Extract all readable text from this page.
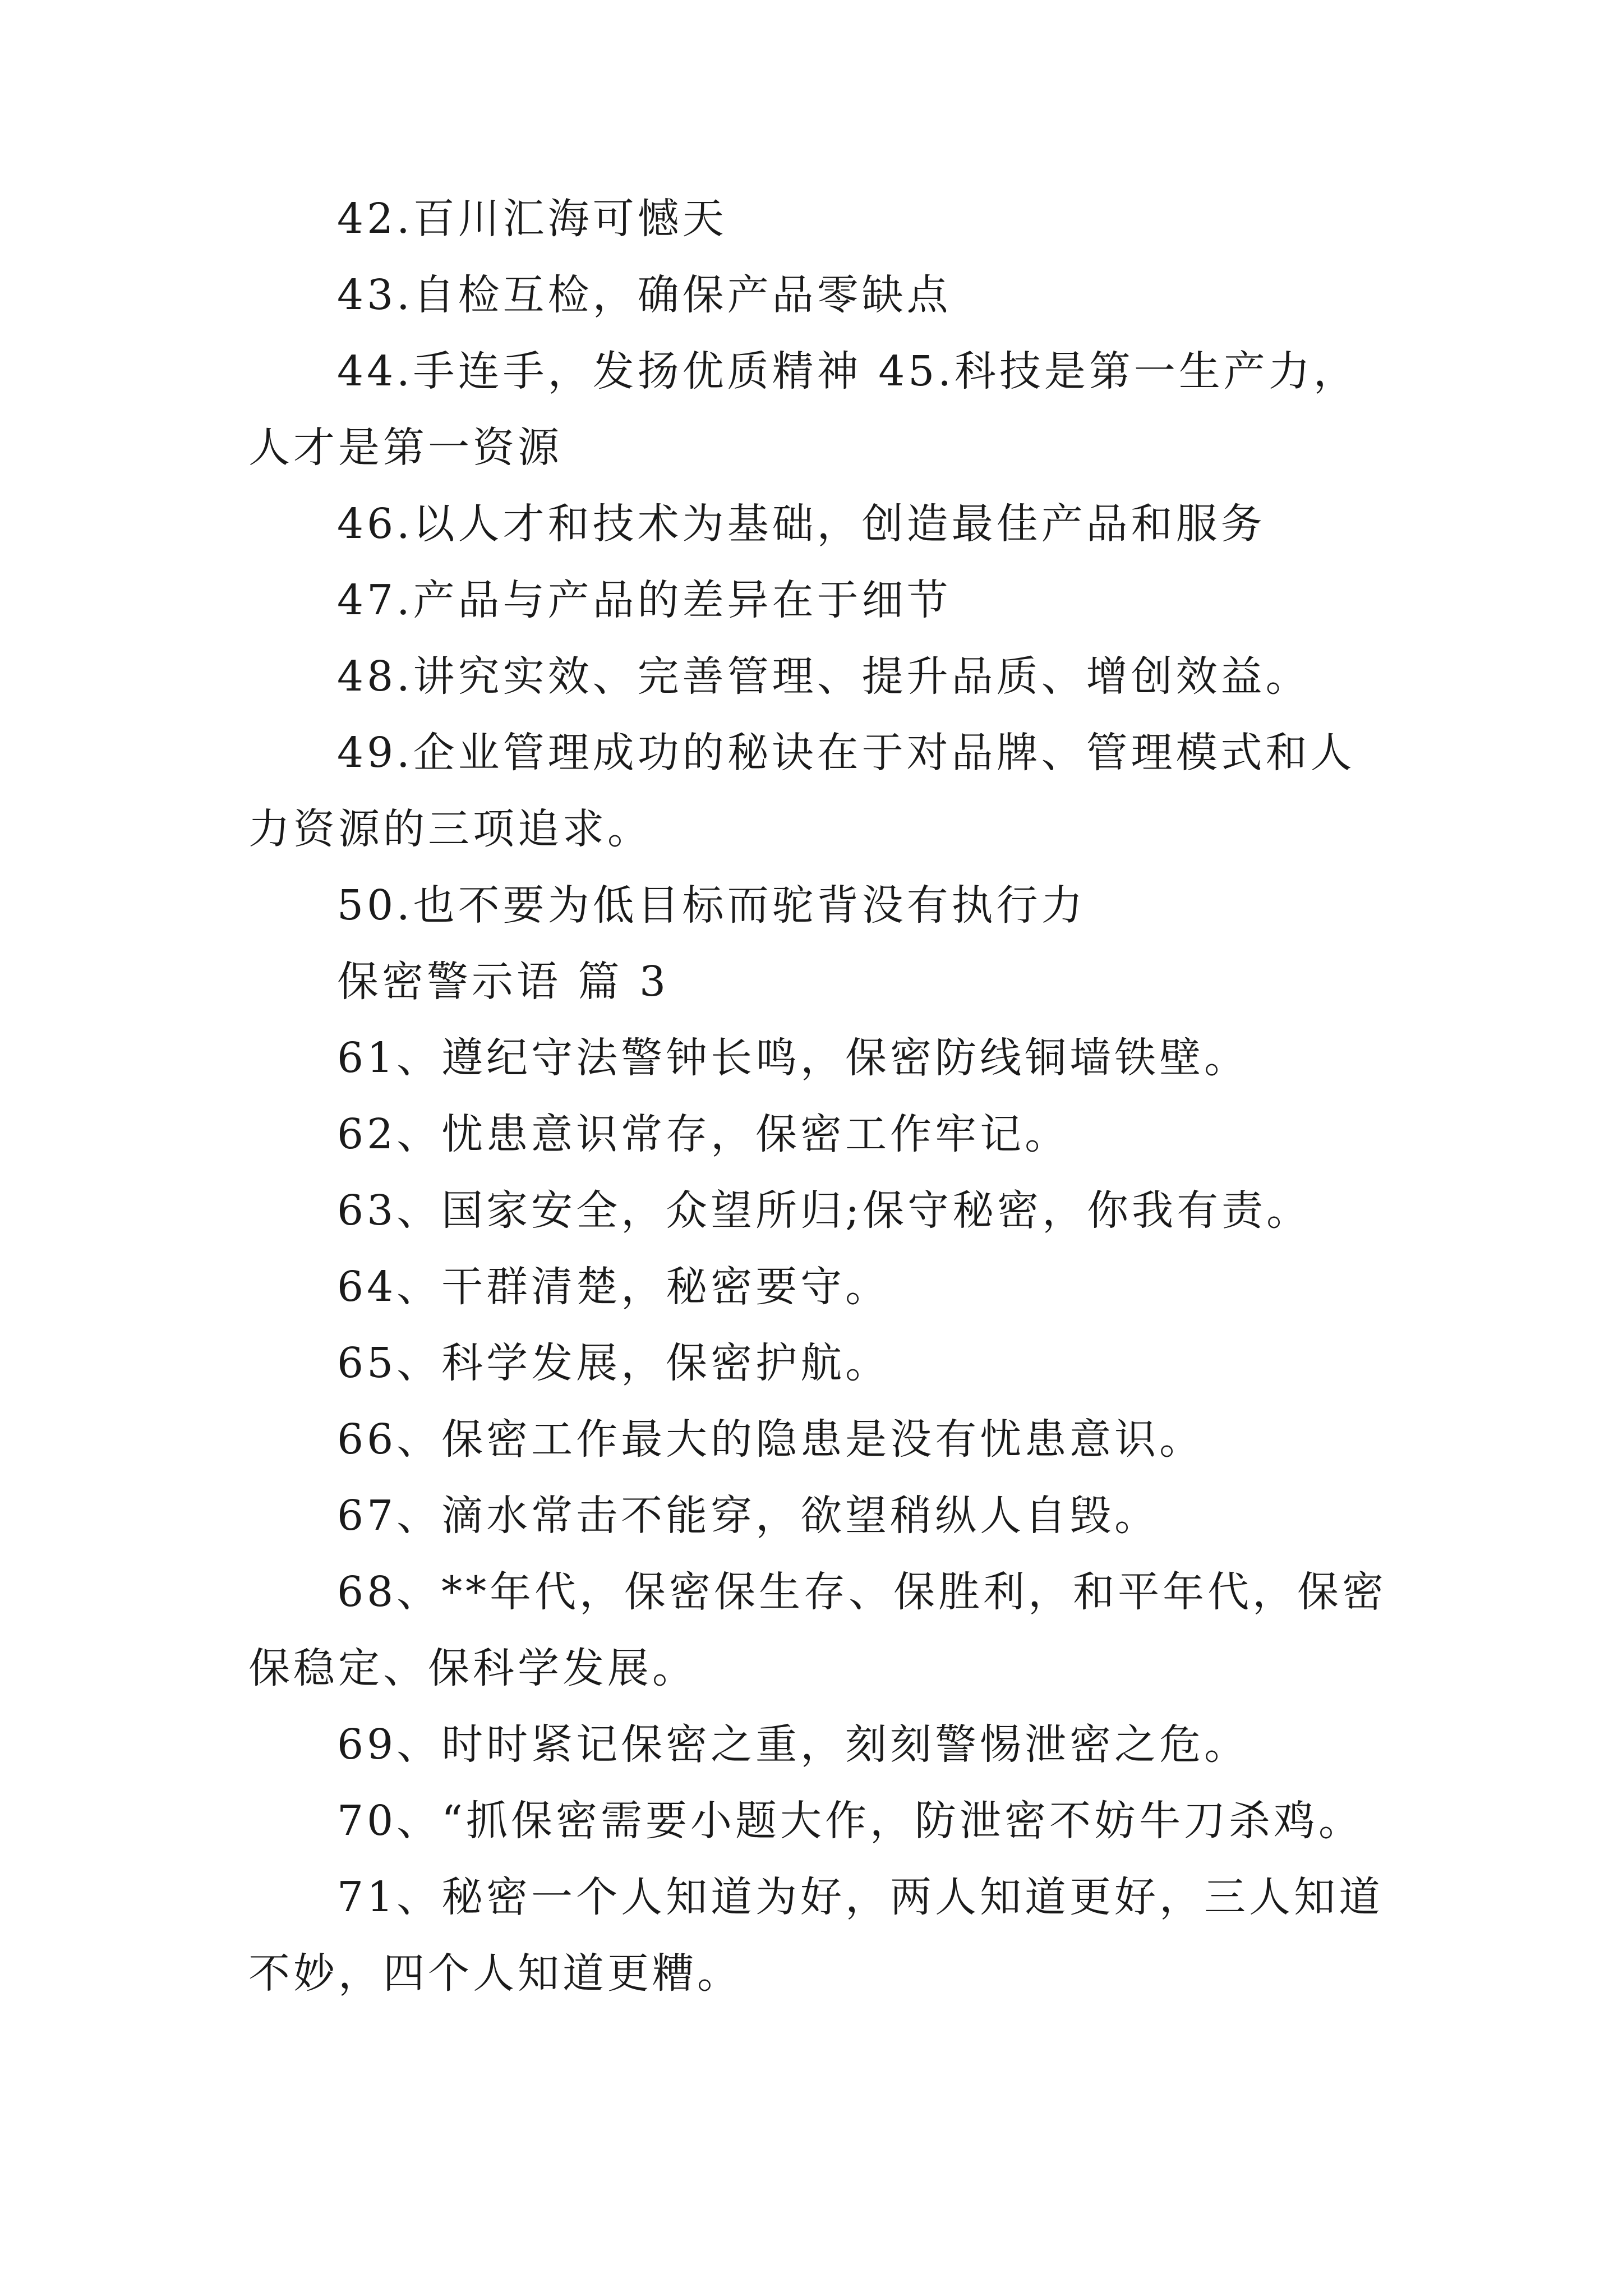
42.百川汇海可憾天

43.自检互检，确保产品零缺点

44.手连手，发扬优质精神 45.科技是第一生产力，人才是第一资源

46.以人才和技术为基础，创造最佳产品和服务

47.产品与产品的差异在于细节

48.讲究实效、完善管理、提升品质、增创效益。

49.企业管理成功的秘诀在于对品牌、管理模式和人力资源的三项追求。

50.也不要为低目标而驼背没有执行力

保密警示语 篇 3

61、遵纪守法警钟长鸣，保密防线铜墙铁壁。

62、忧患意识常存，保密工作牢记。

63、国家安全，众望所归;保守秘密，你我有责。

64、干群清楚，秘密要守。

65、科学发展，保密护航。

66、保密工作最大的隐患是没有忧患意识。

67、滴水常击不能穿，欲望稍纵人自毁。

68、**年代，保密保生存、保胜利，和平年代，保密保稳定、保科学发展。

69、时时紧记保密之重，刻刻警惕泄密之危。

70、“抓保密需要小题大作，防泄密不妨牛刀杀鸡。

71、秘密一个人知道为好，两人知道更好，三人知道不妙，四个人知道更糟。
